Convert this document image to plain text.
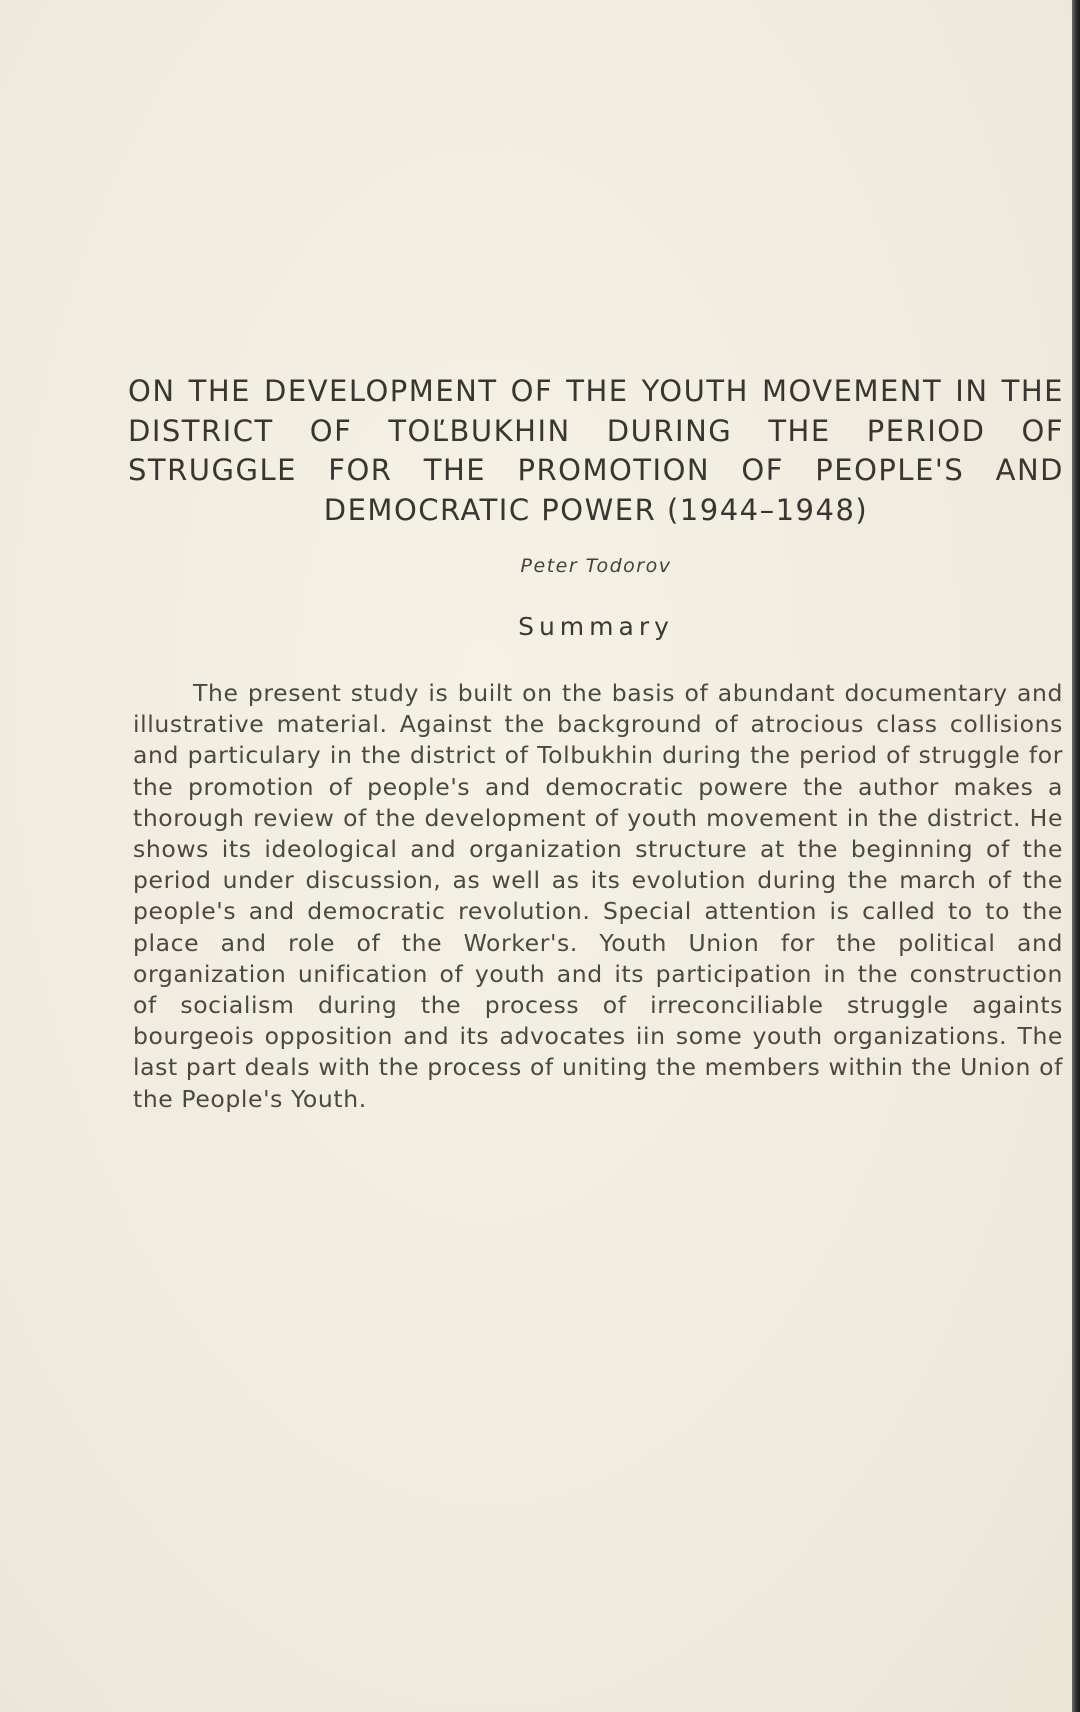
ON THE DEVELOPMENT OF THE YOUTH MOVEMENT IN THE DISTRICT OF TOĽBUKHIN DURING THE PERIOD OF STRUGGLE FOR THE PROMOTION OF PEOPLE'S AND DEMOCRATIC POWER (1944–1948)
Peter Todorov
Summary

The present study is built on the basis of abundant documentary and illustrative material. Against the background of atrocious class collisions and particulary in the district of Tolbukhin during the period of struggle for the promotion of people's and democratic powere the author makes a thorough review of the development of youth movement in the district. He shows its ideological and organization structure at the beginning of the period under discussion, as well as its evolution during the march of the people's and democratic revolution. Special attention is called to to the place and role of the Worker's. Youth Union for the political and organization unification of youth and its participation in the construction of socialism during the process of irreconciliable struggle againts bourgeois opposition and its advocates iin some youth organizations. The last part deals with the process of uniting the members within the Union of the People's Youth.
